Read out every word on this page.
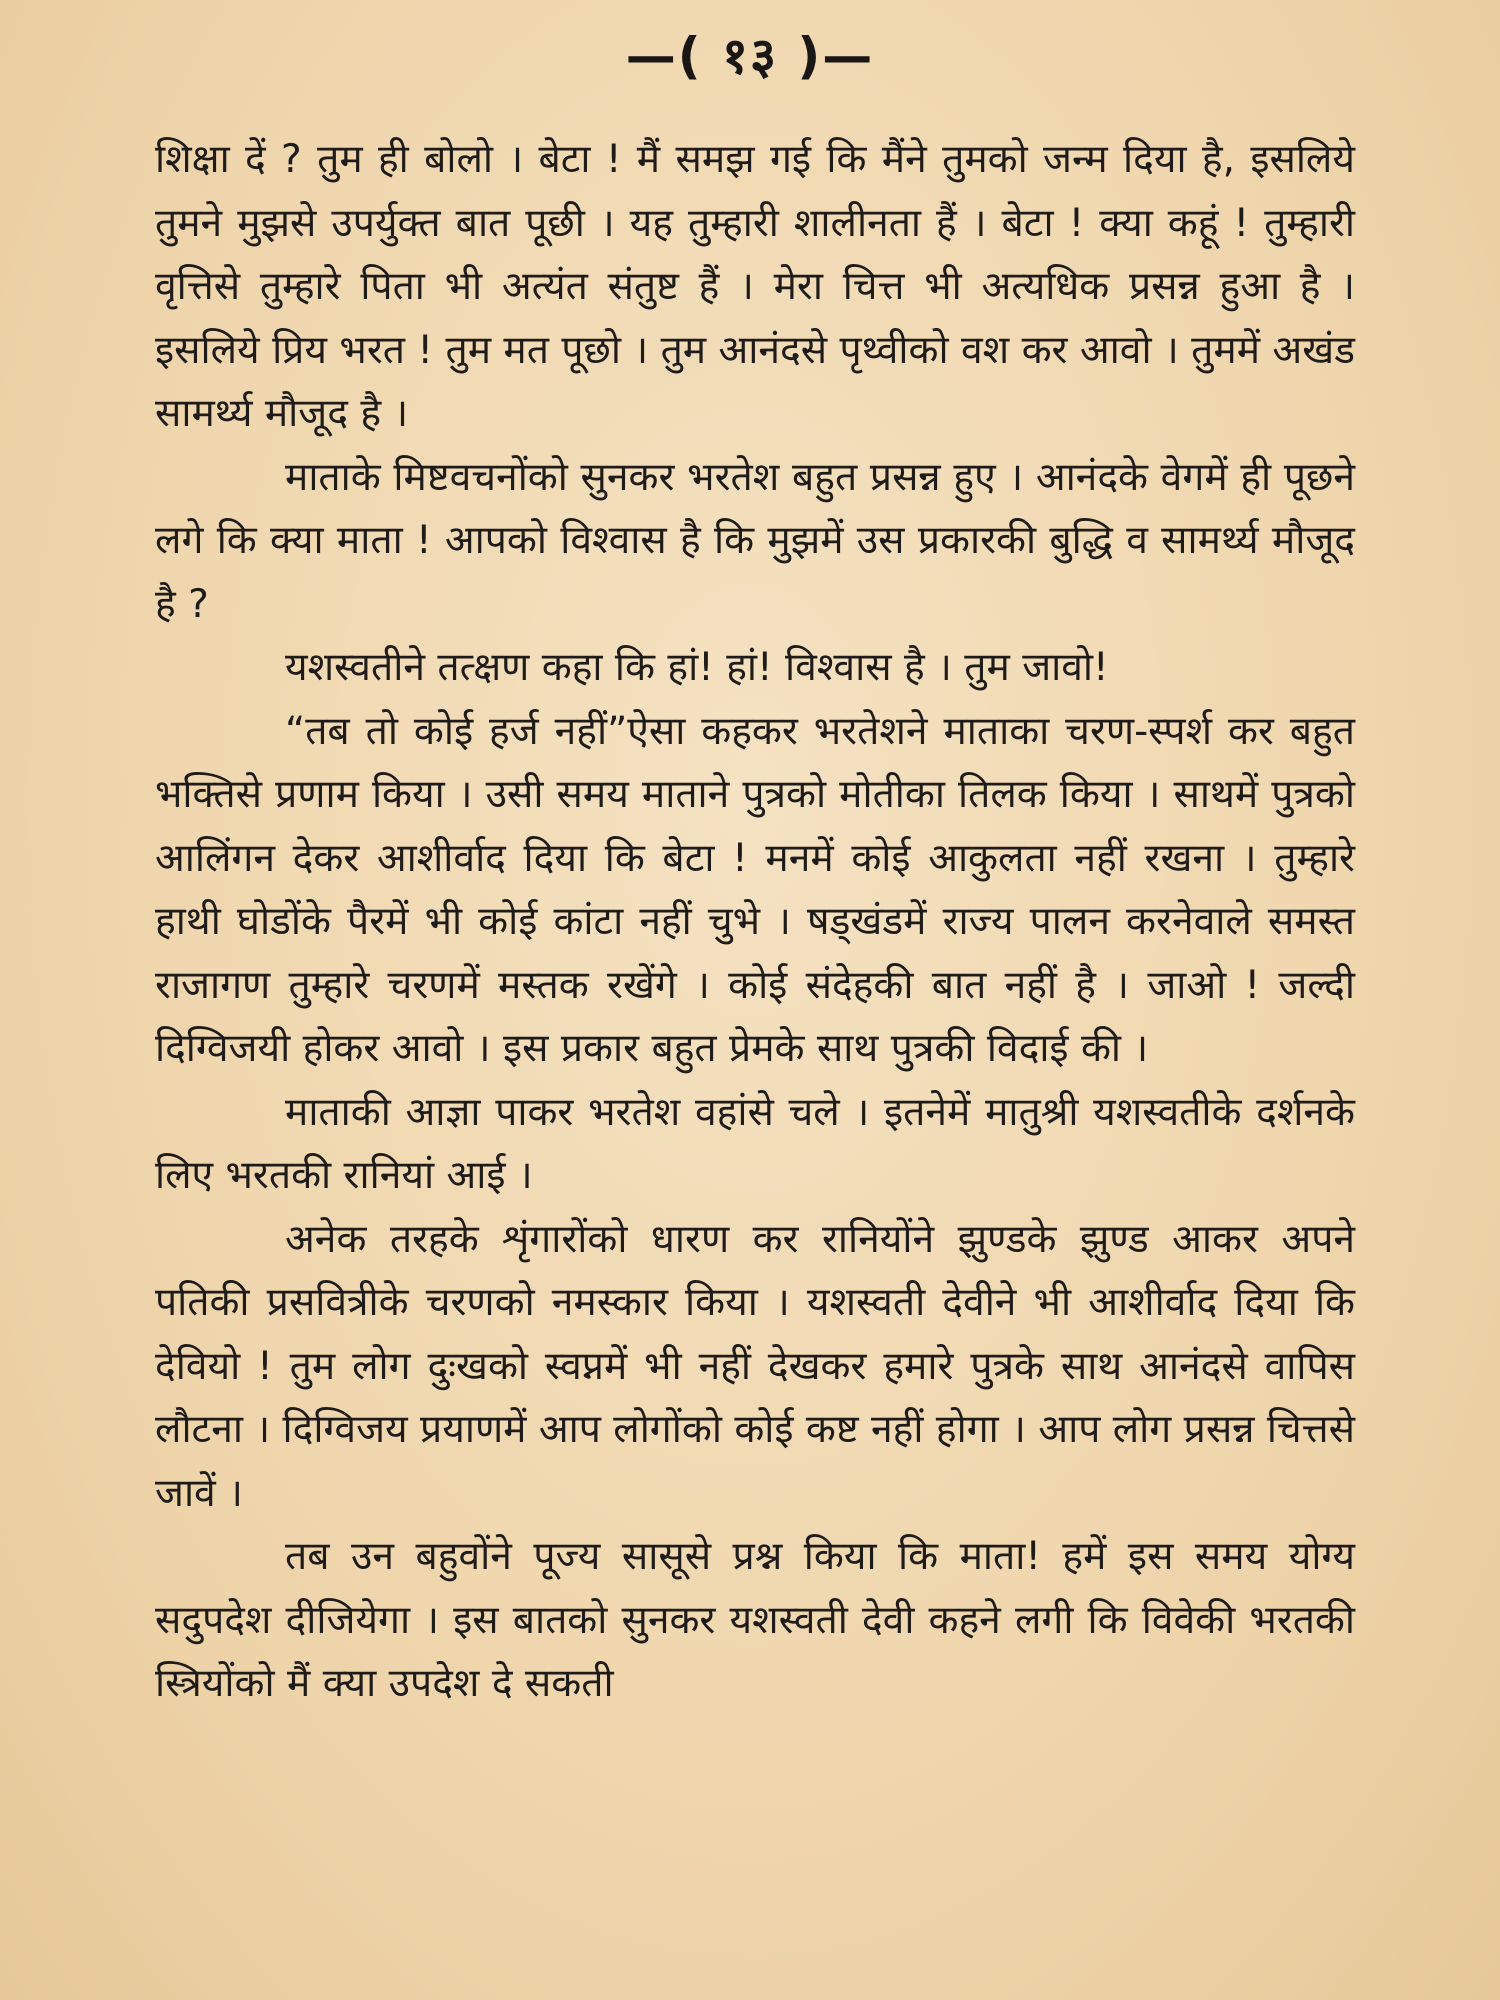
—( १३ )—

शिक्षा दें ? तुम ही बोलो । बेटा ! मैं समझ गई कि मैंने तुमको जन्म दिया है, इसलिये तुमने मुझसे उपर्युक्त बात पूछी । यह तुम्हारी शालीनता हैं । बेटा ! क्या कहूं ! तुम्हारी वृत्तिसे तुम्हारे पिता भी अत्यंत संतुष्ट हैं । मेरा चित्त भी अत्यधिक प्रसन्न हुआ है । इसलिये प्रिय भरत ! तुम मत पूछो । तुम आनंदसे पृथ्वीको वश कर आवो । तुममें अखंड सामर्थ्य मौजूद है ।

माताके मिष्टवचनोंको सुनकर भरतेश बहुत प्रसन्न हुए । आनंदके वेगमें ही पूछने लगे कि क्या माता ! आपको विश्वास है कि मुझमें उस प्रकारकी बुद्धि व सामर्थ्य मौजूद है ?

यशस्वतीने तत्क्षण कहा कि हां! हां! विश्वास है । तुम जावो!

“तब तो कोई हर्ज नहीं”ऐसा कहकर भरतेशने माताका चरण-स्पर्श कर बहुत भक्तिसे प्रणाम किया । उसी समय माताने पुत्रको मोतीका तिलक किया । साथमें पुत्रको आलिंगन देकर आशीर्वाद दिया कि बेटा ! मनमें कोई आकुलता नहीं रखना । तुम्हारे हाथी घोडोंके पैरमें भी कोई कांटा नहीं चुभे । षड्खंडमें राज्य पालन करनेवाले समस्त राजागण तुम्हारे चरणमें मस्तक रखेंगे । कोई संदेहकी बात नहीं है । जाओ ! जल्दी दिग्विजयी होकर आवो । इस प्रकार बहुत प्रेमके साथ पुत्रकी विदाई की ।

माताकी आज्ञा पाकर भरतेश वहांसे चले । इतनेमें मातुश्री यशस्वतीके दर्शनके लिए भरतकी रानियां आई ।

अनेक तरहके शृंगारोंको धारण कर रानियोंने झुण्डके झुण्ड आकर अपने पतिकी प्रसवित्रीके चरणको नमस्कार किया । यशस्वती देवीने भी आशीर्वाद दिया कि देवियो ! तुम लोग दुःखको स्वप्नमें भी नहीं देखकर हमारे पुत्रके साथ आनंदसे वापिस लौटना । दिग्विजय प्रयाणमें आप लोगोंको कोई कष्ट नहीं होगा । आप लोग प्रसन्न चित्तसे जावें ।

तब उन बहुवोंने पूज्य सासूसे प्रश्न किया कि माता! हमें इस समय योग्य सदुपदेश दीजियेगा । इस बातको सुनकर यशस्वती देवी कहने लगी कि विवेकी भरतकी स्त्रियोंको मैं क्या उपदेश दे सकती
